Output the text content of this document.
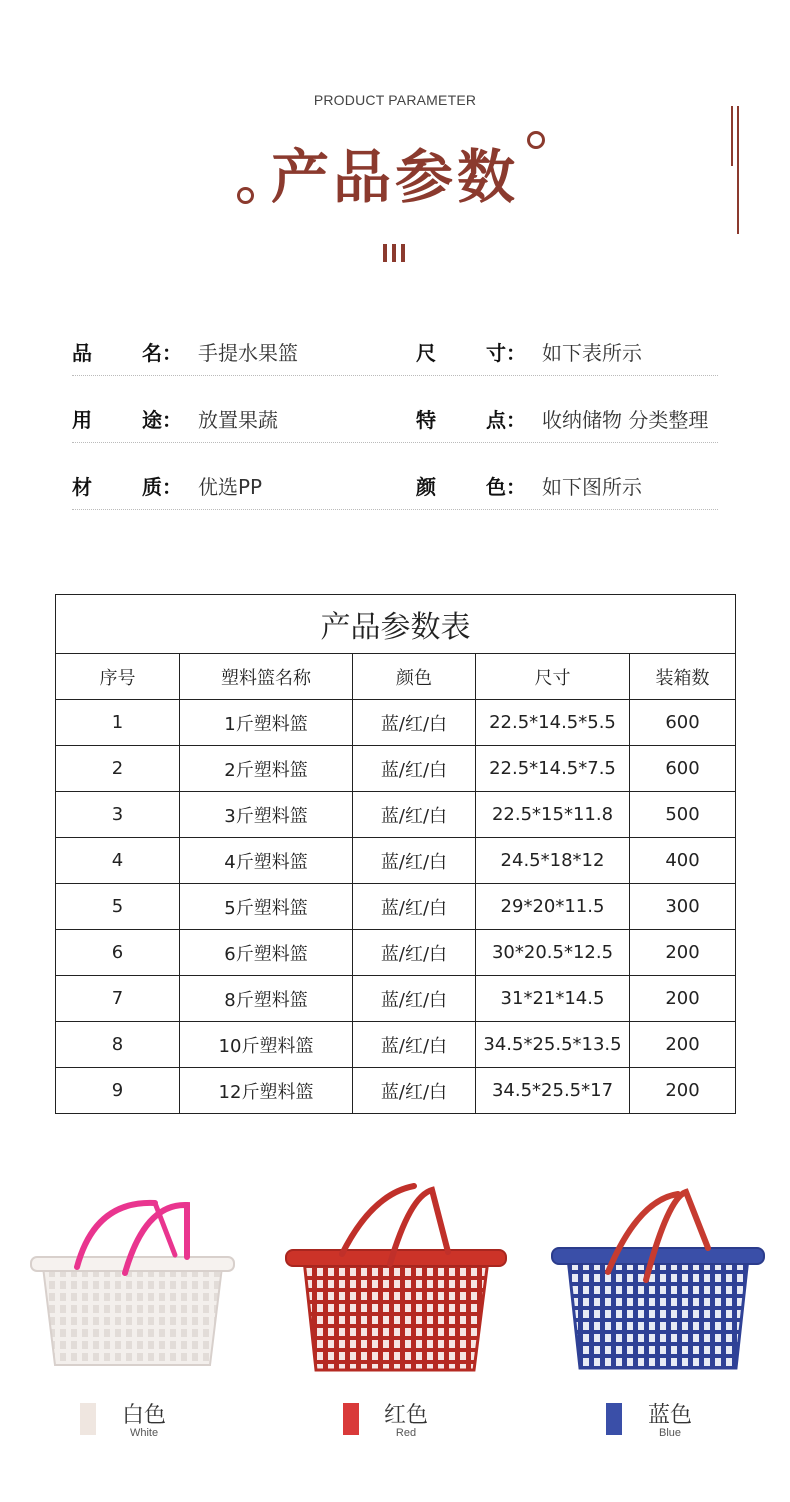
PRODUCT PARAMETER
产品参数
品	名： 手提水果篮	尺	寸： 如下表所示
用	途： 放置果蔬	特	点： 收纳储物 分类整理
材	质： 优选PP	颜	色： 如下图所示
产品参数表				
序号	塑料篮名称	颜色	尺寸	装箱数
1	1斤塑料篮	蓝/红/白	22.5*14.5*5.5	600
2	2斤塑料篮	蓝/红/白	22.5*14.5*7.5	600
3	3斤塑料篮	蓝/红/白	22.5*15*11.8	500
4	4斤塑料篮	蓝/红/白	24.5*18*12	400
5	5斤塑料篮	蓝/红/白	29*20*11.5	300
6	6斤塑料篮	蓝/红/白	30*20.5*12.5	200
7	8斤塑料篮	蓝/红/白	31*21*14.5	200
8	10斤塑料篮	蓝/红/白	34.5*25.5*13.5	200
9	12斤塑料篮	蓝/红/白	34.5*25.5*17	200
白色
White
红色
Red
蓝色
Blue
